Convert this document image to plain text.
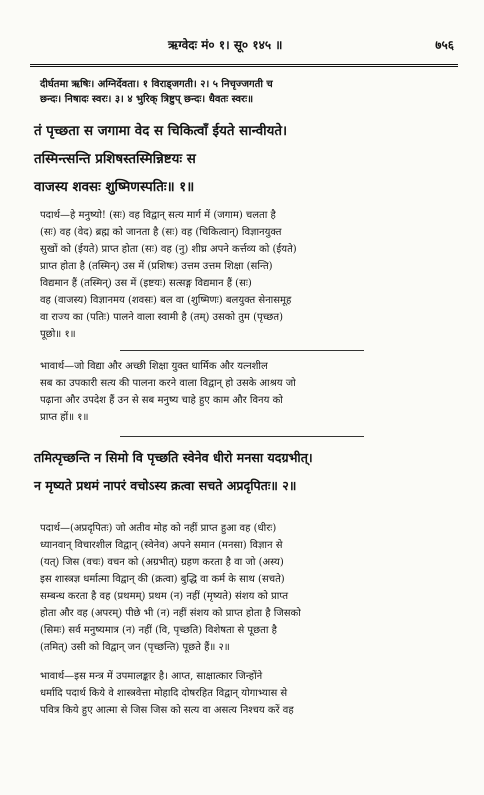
ऋग्वेदः मं० १। सू० १४५ ॥	७५६
दीर्घतमा ऋषिः। अग्निर्देवता। १ विराड्जगती। २। ५ निचृज्जगती च
छन्दः। निषादः स्वरः। ३। ४ भुरिक् त्रिष्टुप् छन्दः। धैवतः स्वरः॥
तं पृच्छता स जगामा वेद स चिकित्वाँ ईयते सान्वीयते।
तस्मिन्त्सन्ति प्रशिषस्तस्मिन्निष्टयः स
वाजस्य शवसः शुष्मिणस्पतिः॥ १॥

पदार्थ—हे मनुष्यो! (सः) वह विद्वान् सत्य मार्ग में (जगाम) चलता है

(सः) वह (वेद) ब्रह्म को जानता है (सः) वह (चिकित्वान्) विज्ञानयुक्त

सुखों को (ईयते) प्राप्त होता (सः) वह (नु) शीघ्र अपने कर्त्तव्य को (ईयते)

प्राप्त होता है (तस्मिन्) उस में (प्रशिषः) उत्तम उत्तम शिक्षा (सन्ति)

विद्यमान हैं (तस्मिन्) उस में (इष्टयः) सत्सङ्ग विद्यमान हैं (सः)

वह (वाजस्य) विज्ञानमय (शवसः) बल वा (शुष्मिणः) बलयुक्त सेनासमूह

वा राज्य का (पतिः) पालने वाला स्वामी है (तम्) उसको तुम (पृच्छत)

पूछो॥ १॥

भावार्थ—जो विद्या और अच्छी शिक्षा युक्त धार्मिक और यत्नशील

सब का उपकारी सत्य की पालना करने वाला विद्वान् हो उसके आश्रय जो

पढ़ाना और उपदेश हैं उन से सब मनुष्य चाहे हुए काम और विनय को

प्राप्त हों॥ १॥

तमित्पृच्छन्ति न सिमो वि पृच्छति स्वेनेव धीरो मनसा यदग्रभीत्।
न मृष्यते प्रथमं नापरं वचोऽस्य क्रत्वा सचते अप्रदृपितः॥ २॥

पदार्थ—(अप्रदृपितः) जो अतीव मोह को नहीं प्राप्त हुआ वह (धीरः)

ध्यानवान् विचारशील विद्वान् (स्वेनेव) अपने समान (मनसा) विज्ञान से

(यत्) जिस (वचः) वचन को (अग्रभीत्) ग्रहण करता है वा जो (अस्य)

इस शास्त्रज्ञ धर्मात्मा विद्वान् की (क्रत्वा) बुद्धि वा कर्म के साथ (सचते)

सम्बन्ध करता है वह (प्रथमम्) प्रथम (न) नहीं (मृष्यते) संशय को प्राप्त

होता और वह (अपरम्) पीछे भी (न) नहीं संशय को प्राप्त होता है जिसको

(सिमः) सर्व मनुष्यमात्र (न) नहीं (वि, पृच्छति) विशेषता से पूछता है

(तमित्) उसी को विद्वान् जन (पृच्छन्ति) पूछते हैं॥ २॥

भावार्थ—इस मन्त्र में उपमालङ्कार है। आप्त, साक्षात्कार जिन्होंने

धर्मादि पदार्थ किये वे शास्त्रवेत्ता मोहादि दोषरहित विद्वान् योगाभ्यास से

पवित्र किये हुए आत्मा से जिस जिस को सत्य वा असत्य निश्चय करें वह
